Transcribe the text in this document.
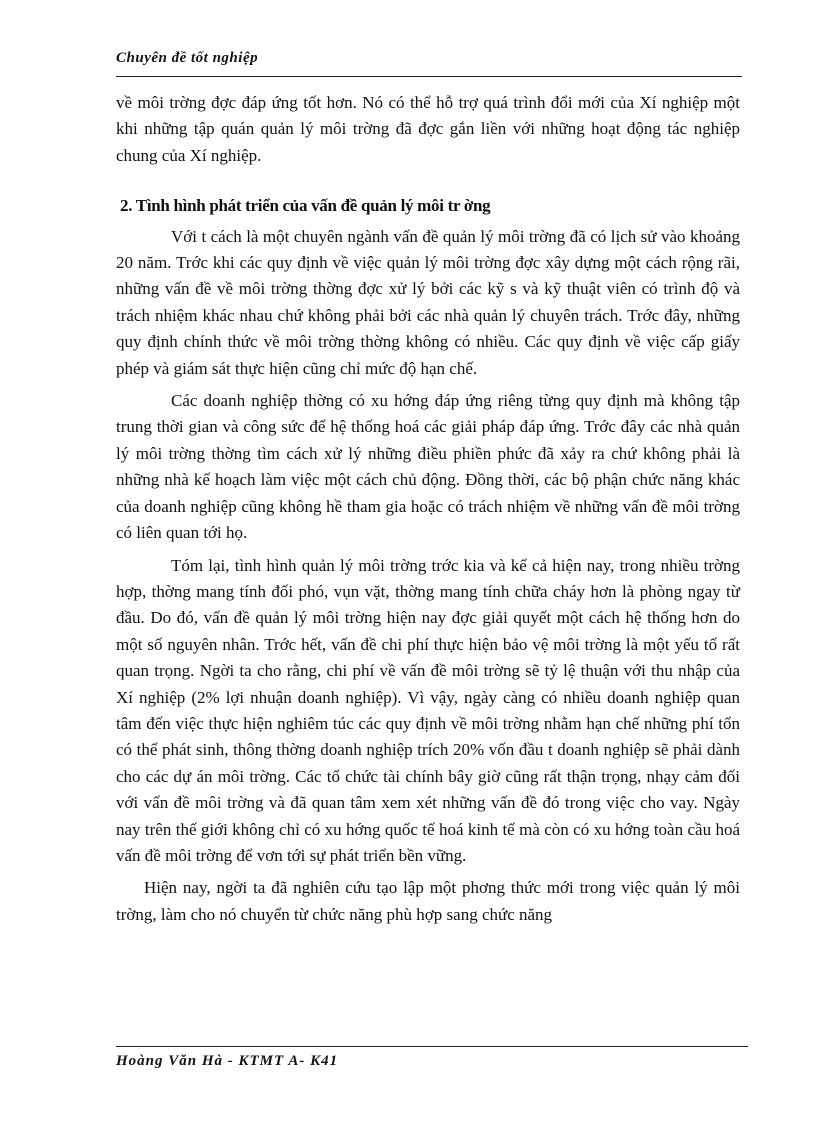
Chuyên đề tốt nghiệp

về môi trờng đợc đáp ứng tốt hơn. Nó có thể hỗ trợ quá trình đổi mới của Xí nghiệp một khi những tập quán quản lý môi trờng đã đợc gắn liền với những hoạt động tác nghiệp chung của Xí nghiệp.

2. Tình hình phát triển của vấn đề quản lý môi tr ờng

Với t cách là một chuyên ngành vấn đề quản lý môi trờng đã có lịch sử vào khoảng 20 năm. Trớc khi các quy định về việc quản lý môi trờng đợc xây dựng một cách rộng rãi, những vấn đề về môi trờng thờng đợc xử lý bởi các kỹ s và kỹ thuật viên có trình độ và trách nhiệm khác nhau chứ không phải bởi các nhà quản lý chuyên trách. Trớc đây, những quy định chính thức về môi trờng thờng không có nhiều. Các quy định về việc cấp giấy phép và giám sát thực hiện cũng chỉ mức độ hạn chế.

Các doanh nghiệp thờng có xu hớng đáp ứng riêng từng quy định mà không tập trung thời gian và công sức để hệ thống hoá các giải pháp đáp ứng. Trớc đây các nhà quản lý môi trờng thờng tìm cách xử lý những điều phiền phức đã xảy ra chứ không phải là những nhà kế hoạch làm việc một cách chủ động. Đồng thời, các bộ phận chức năng khác của doanh nghiệp cũng không hề tham gia hoặc có trách nhiệm về những vấn đề môi trờng có liên quan tới họ.

Tóm lại, tình hình quản lý môi trờng trớc kia và kể cả hiện nay, trong nhiều trờng hợp, thờng mang tính đối phó, vụn vặt, thờng mang tính chữa cháy hơn là phòng ngay từ đầu. Do đó, vấn đề quản lý môi trờng hiện nay đợc giải quyết một cách hệ thống hơn do một số nguyên nhân. Trớc hết, vấn đề chi phí thực hiện bảo vệ môi trờng là một yếu tố rất quan trọng. Ngời ta cho rằng, chi phí về vấn đề môi trờng sẽ tỷ lệ thuận với thu nhập của Xí nghiệp (2% lợi nhuận doanh nghiệp). Vì vậy, ngày càng có nhiều doanh nghiệp quan tâm đến việc thực hiện nghiêm túc các quy định về môi trờng nhằm hạn chế những phí tổn có thể phát sinh, thông thờng doanh nghiệp trích 20% vốn đầu t doanh nghiệp sẽ phải dành cho các dự án môi trờng. Các tổ chức tài chính bây giờ cũng rất thận trọng, nhạy cảm đối với vấn đề môi trờng và đã quan tâm xem xét những vấn đề đó trong việc cho vay. Ngày nay trên thế giới không chỉ có xu hớng quốc tế hoá kinh tế mà còn có xu hớng toàn cầu hoá vấn đề môi trờng để vơn tới sự phát triển bền vững.

Hiện nay, ngời ta đã nghiên cứu tạo lập một phơng thức mới trong việc quản lý môi trờng, làm cho nó chuyển từ chức năng phù hợp sang chức năng

Hoàng Văn Hà - KTMT A- K41
